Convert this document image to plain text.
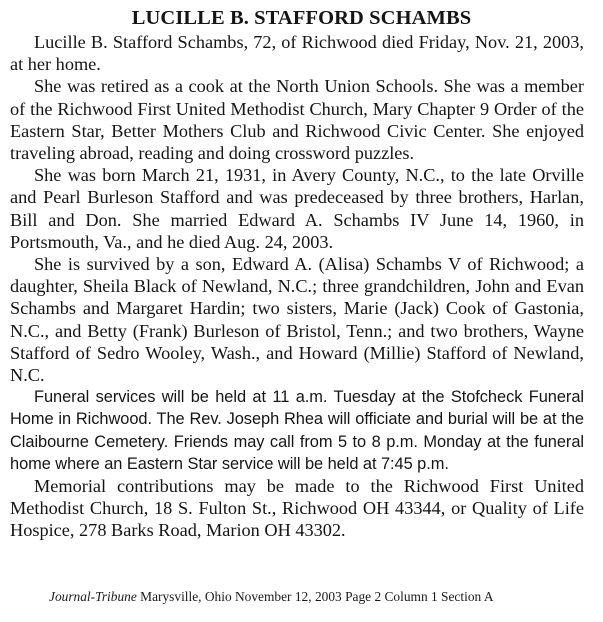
LUCILLE B. STAFFORD SCHAMBS

Lucille B. Stafford Schambs, 72, of Richwood died Friday, Nov. 21, 2003, at her home.

She was retired as a cook at the North Union Schools. She was a member of the Richwood First United Methodist Church, Mary Chapter 9 Order of the Eastern Star, Better Mothers Club and Richwood Civic Center. She enjoyed traveling abroad, reading and doing crossword puzzles.

She was born March 21, 1931, in Avery County, N.C., to the late Orville and Pearl Burleson Stafford and was predeceased by three brothers, Harlan, Bill and Don. She married Edward A. Schambs IV June 14, 1960, in Portsmouth, Va., and he died Aug. 24, 2003.

She is survived by a son, Edward A. (Alisa) Schambs V of Richwood; a daughter, Sheila Black of Newland, N.C.; three grandchildren, John and Evan Schambs and Margaret Hardin; two sisters, Marie (Jack) Cook of Gastonia, N.C., and Betty (Frank) Burleson of Bristol, Tenn.; and two brothers, Wayne Stafford of Sedro Wooley, Wash., and Howard (Millie) Stafford of Newland, N.C.

Funeral services will be held at 11 a.m. Tuesday at the Stofcheck Funeral Home in Richwood. The Rev. Joseph Rhea will officiate and burial will be at the Claibourne Cemetery. Friends may call from 5 to 8 p.m. Monday at the funeral home where an Eastern Star service will be held at 7:45 p.m.

Memorial contributions may be made to the Richwood First United Methodist Church, 18 S. Fulton St., Richwood OH 43344, or Quality of Life Hospice, 278 Barks Road, Marion OH 43302.

Journal-Tribune Marysville, Ohio November 12, 2003 Page 2 Column 1 Section A
